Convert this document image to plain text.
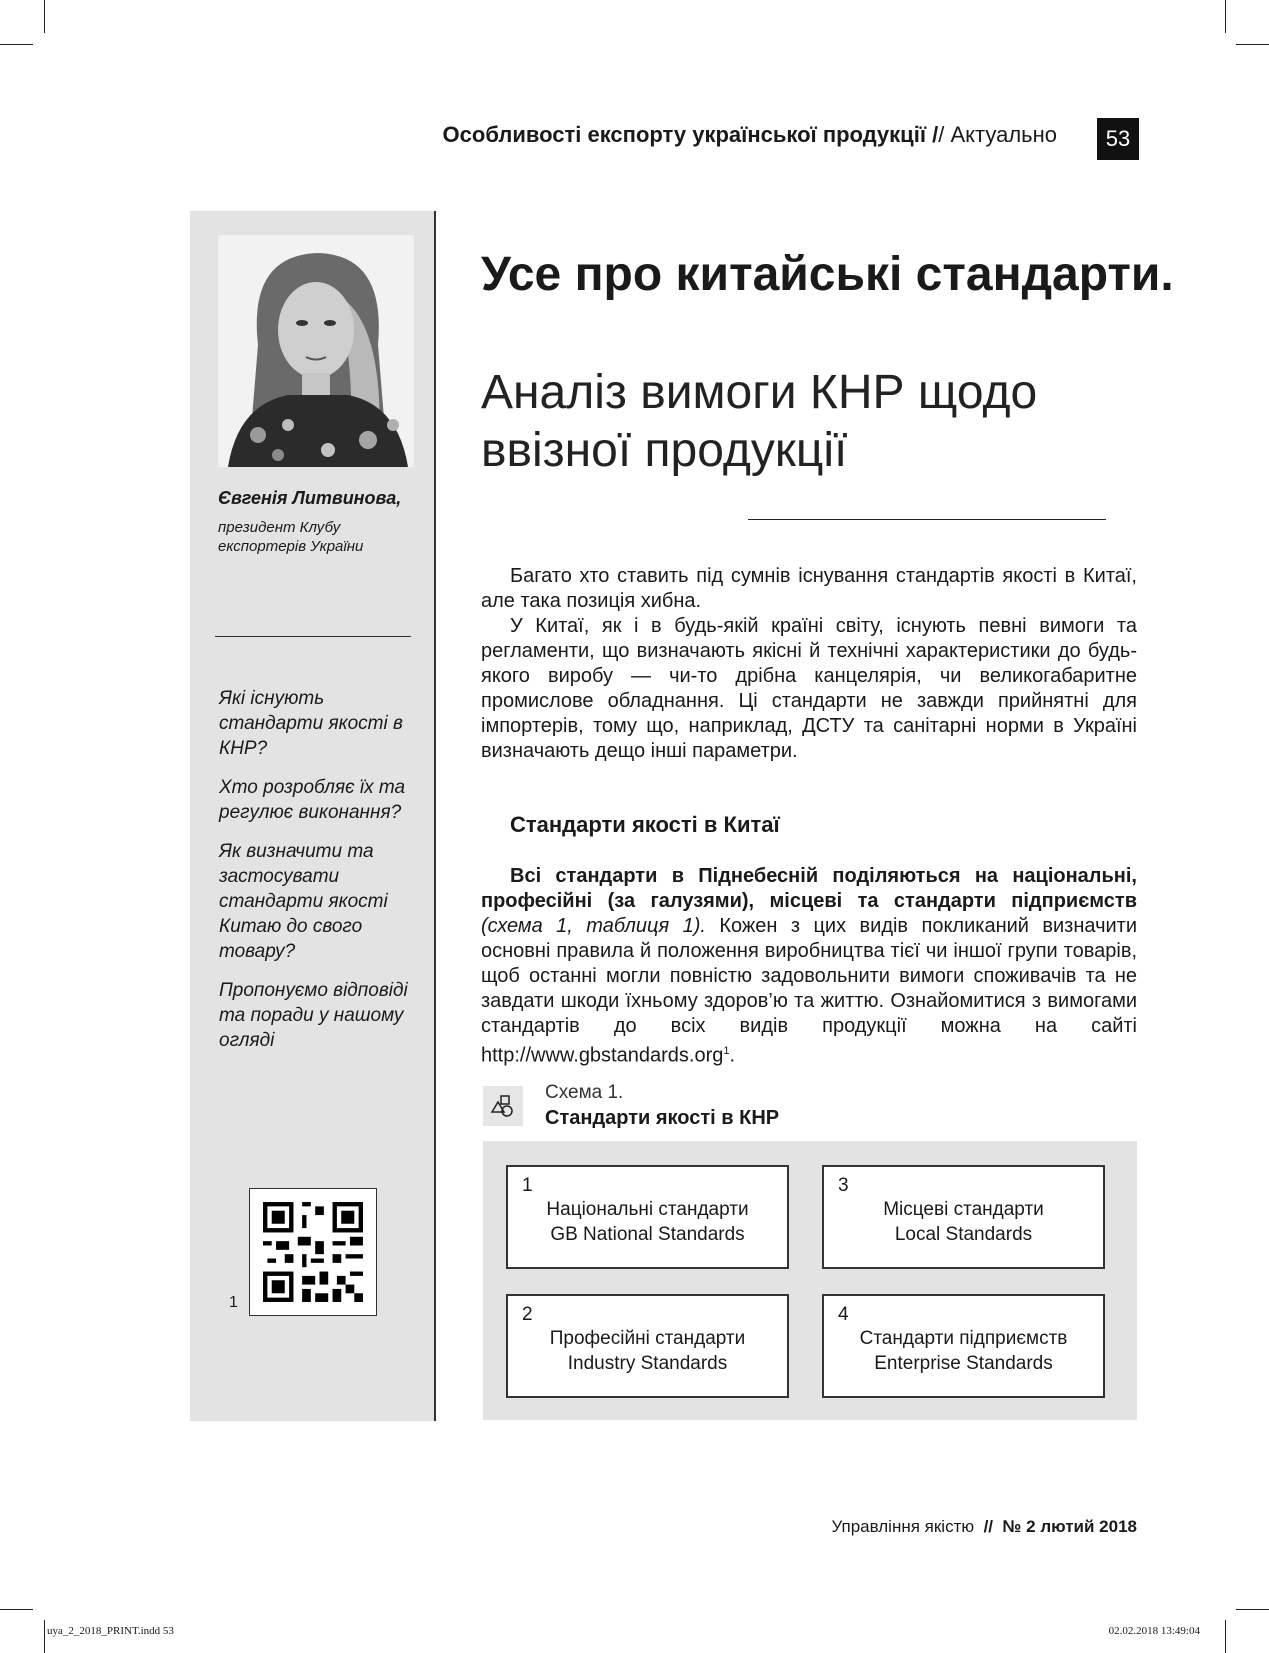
Особливості експорту української продукції // Актуально	53
Євгенія Литвинова,
президент Клубу експортерів України

Які існують стандарти якості в КНР?

Хто розробляє їх та регулює виконання?

Як визначити та застосувати стандарти якості Китаю до свого товару?

Пропонуємо відповіді та поради у нашому огляді

1
Усе про китайські стандарти.
Аналіз вимоги КНР щодо ввізної продукції

Багато хто ставить під сумнів існування стандартів якості в Китаї, але така позиція хибна.

У Китаї, як і в будь-якій країні світу, існують певні вимоги та регламенти, що визначають якісні й технічні характеристики до будь-якого виробу — чи-то дрібна канцелярія, чи великогабаритне промислове обладнання. Ці стандарти не завжди прийнятні для імпортерів, тому що, наприклад, ДСТУ та санітарні норми в Україні визначають дещо інші параметри.

Стандарти якості в Китаї

Всі стандарти в Піднебесній поділяються на національні, професійні (за галузями), місцеві та стандарти підприємств (схема 1, таблиця 1). Кожен з цих видів покликаний визначити основні правила й положення виробництва тієї чи іншої групи товарів, щоб останні могли повністю задовольнити вимоги споживачів та не завдати шкоди їхньому здоров’ю та життю. Ознайомитися з вимогами стандартів до всіх видів продукції можна на сайті http://www.gbstandards.org$^1$.

Схема 1.
Стандарти якості в КНР
1
Національні стандарти
GB National Standards
3
Місцеві стандарти
Local Standards
2
Професійні стандарти
Industry Standards
4
Стандарти підприємств
Enterprise Standards
Управління якістю // № 2 лютий 2018
uya_2_2018_PRINT.indd 53	02.02.2018 13:49:04
